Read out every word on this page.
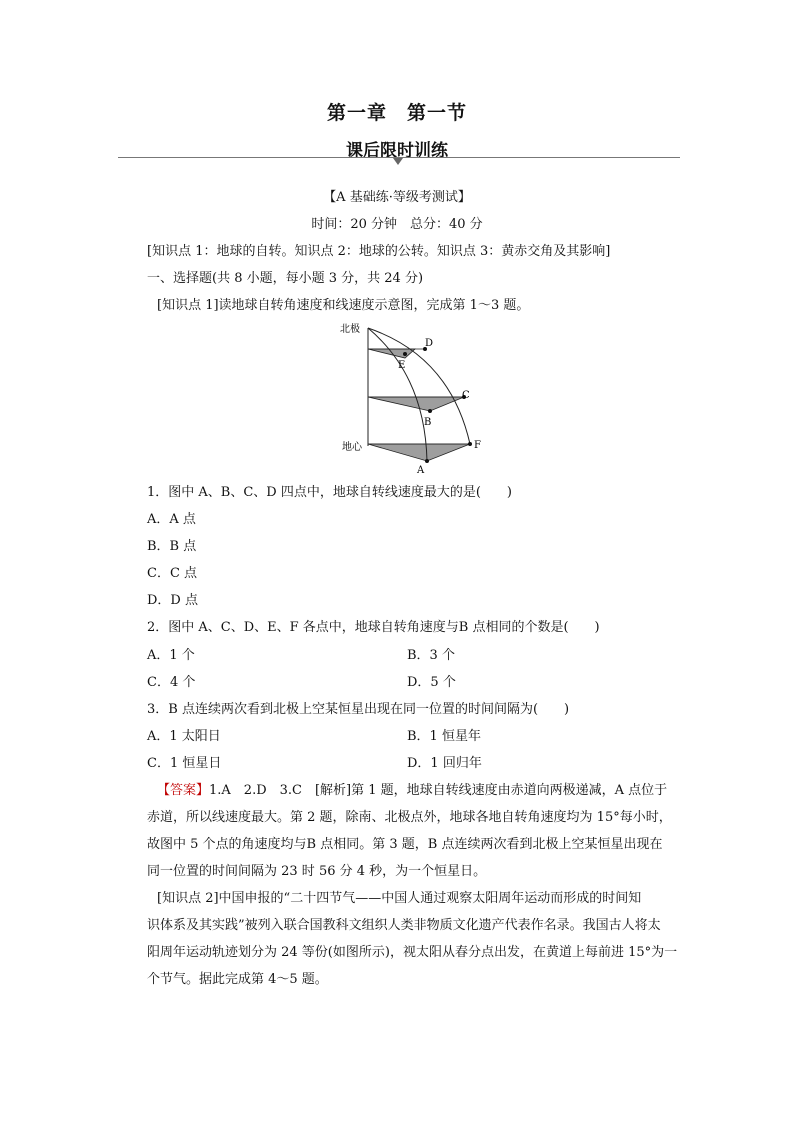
第一章　第一节
课后限时训练
【A 基础练·等级考测试】
时间：20 分钟　总分：40 分
[知识点 1：地球的自转。知识点 2：地球的公转。知识点 3：黄赤交角及其影响]
一、选择题(共 8 小题，每小题 3 分，共 24 分)
[知识点 1]读地球自转角速度和线速度示意图，完成第 1～3 题。
北极
地心
D
E
C
B
F
A
1．图中 A、B、C、D 四点中，地球自转线速度最大的是(　　)
A．A 点
B．B 点
C．C 点
D．D 点
2．图中 A、C、D、E、F 各点中，地球自转角速度与B 点相同的个数是(　　)
A．1 个	B．3 个
C．4 个	D．5 个
3．B 点连续两次看到北极上空某恒星出现在同一位置的时间间隔为(　　)
A．1 太阳日	B．1 恒星年
C．1 恒星日	D．1 回归年
【答案】1.A　2.D　3.C　[解析]第 1 题，地球自转线速度由赤道向两极递减，A 点位于
赤道，所以线速度最大。第 2 题，除南、北极点外，地球各地自转角速度均为 15°每小时，
故图中 5 个点的角速度均与B 点相同。第 3 题，B 点连续两次看到北极上空某恒星出现在
同一位置的时间间隔为 23 时 56 分 4 秒，为一个恒星日。
[知识点 2]中国申报的“二十四节气——中国人通过观察太阳周年运动而形成的时间知
识体系及其实践”被列入联合国教科文组织人类非物质文化遗产代表作名录。我国古人将太
阳周年运动轨迹划分为 24 等份(如图所示)，视太阳从春分点出发，在黄道上每前进 15°为一
个节气。据此完成第 4～5 题。
